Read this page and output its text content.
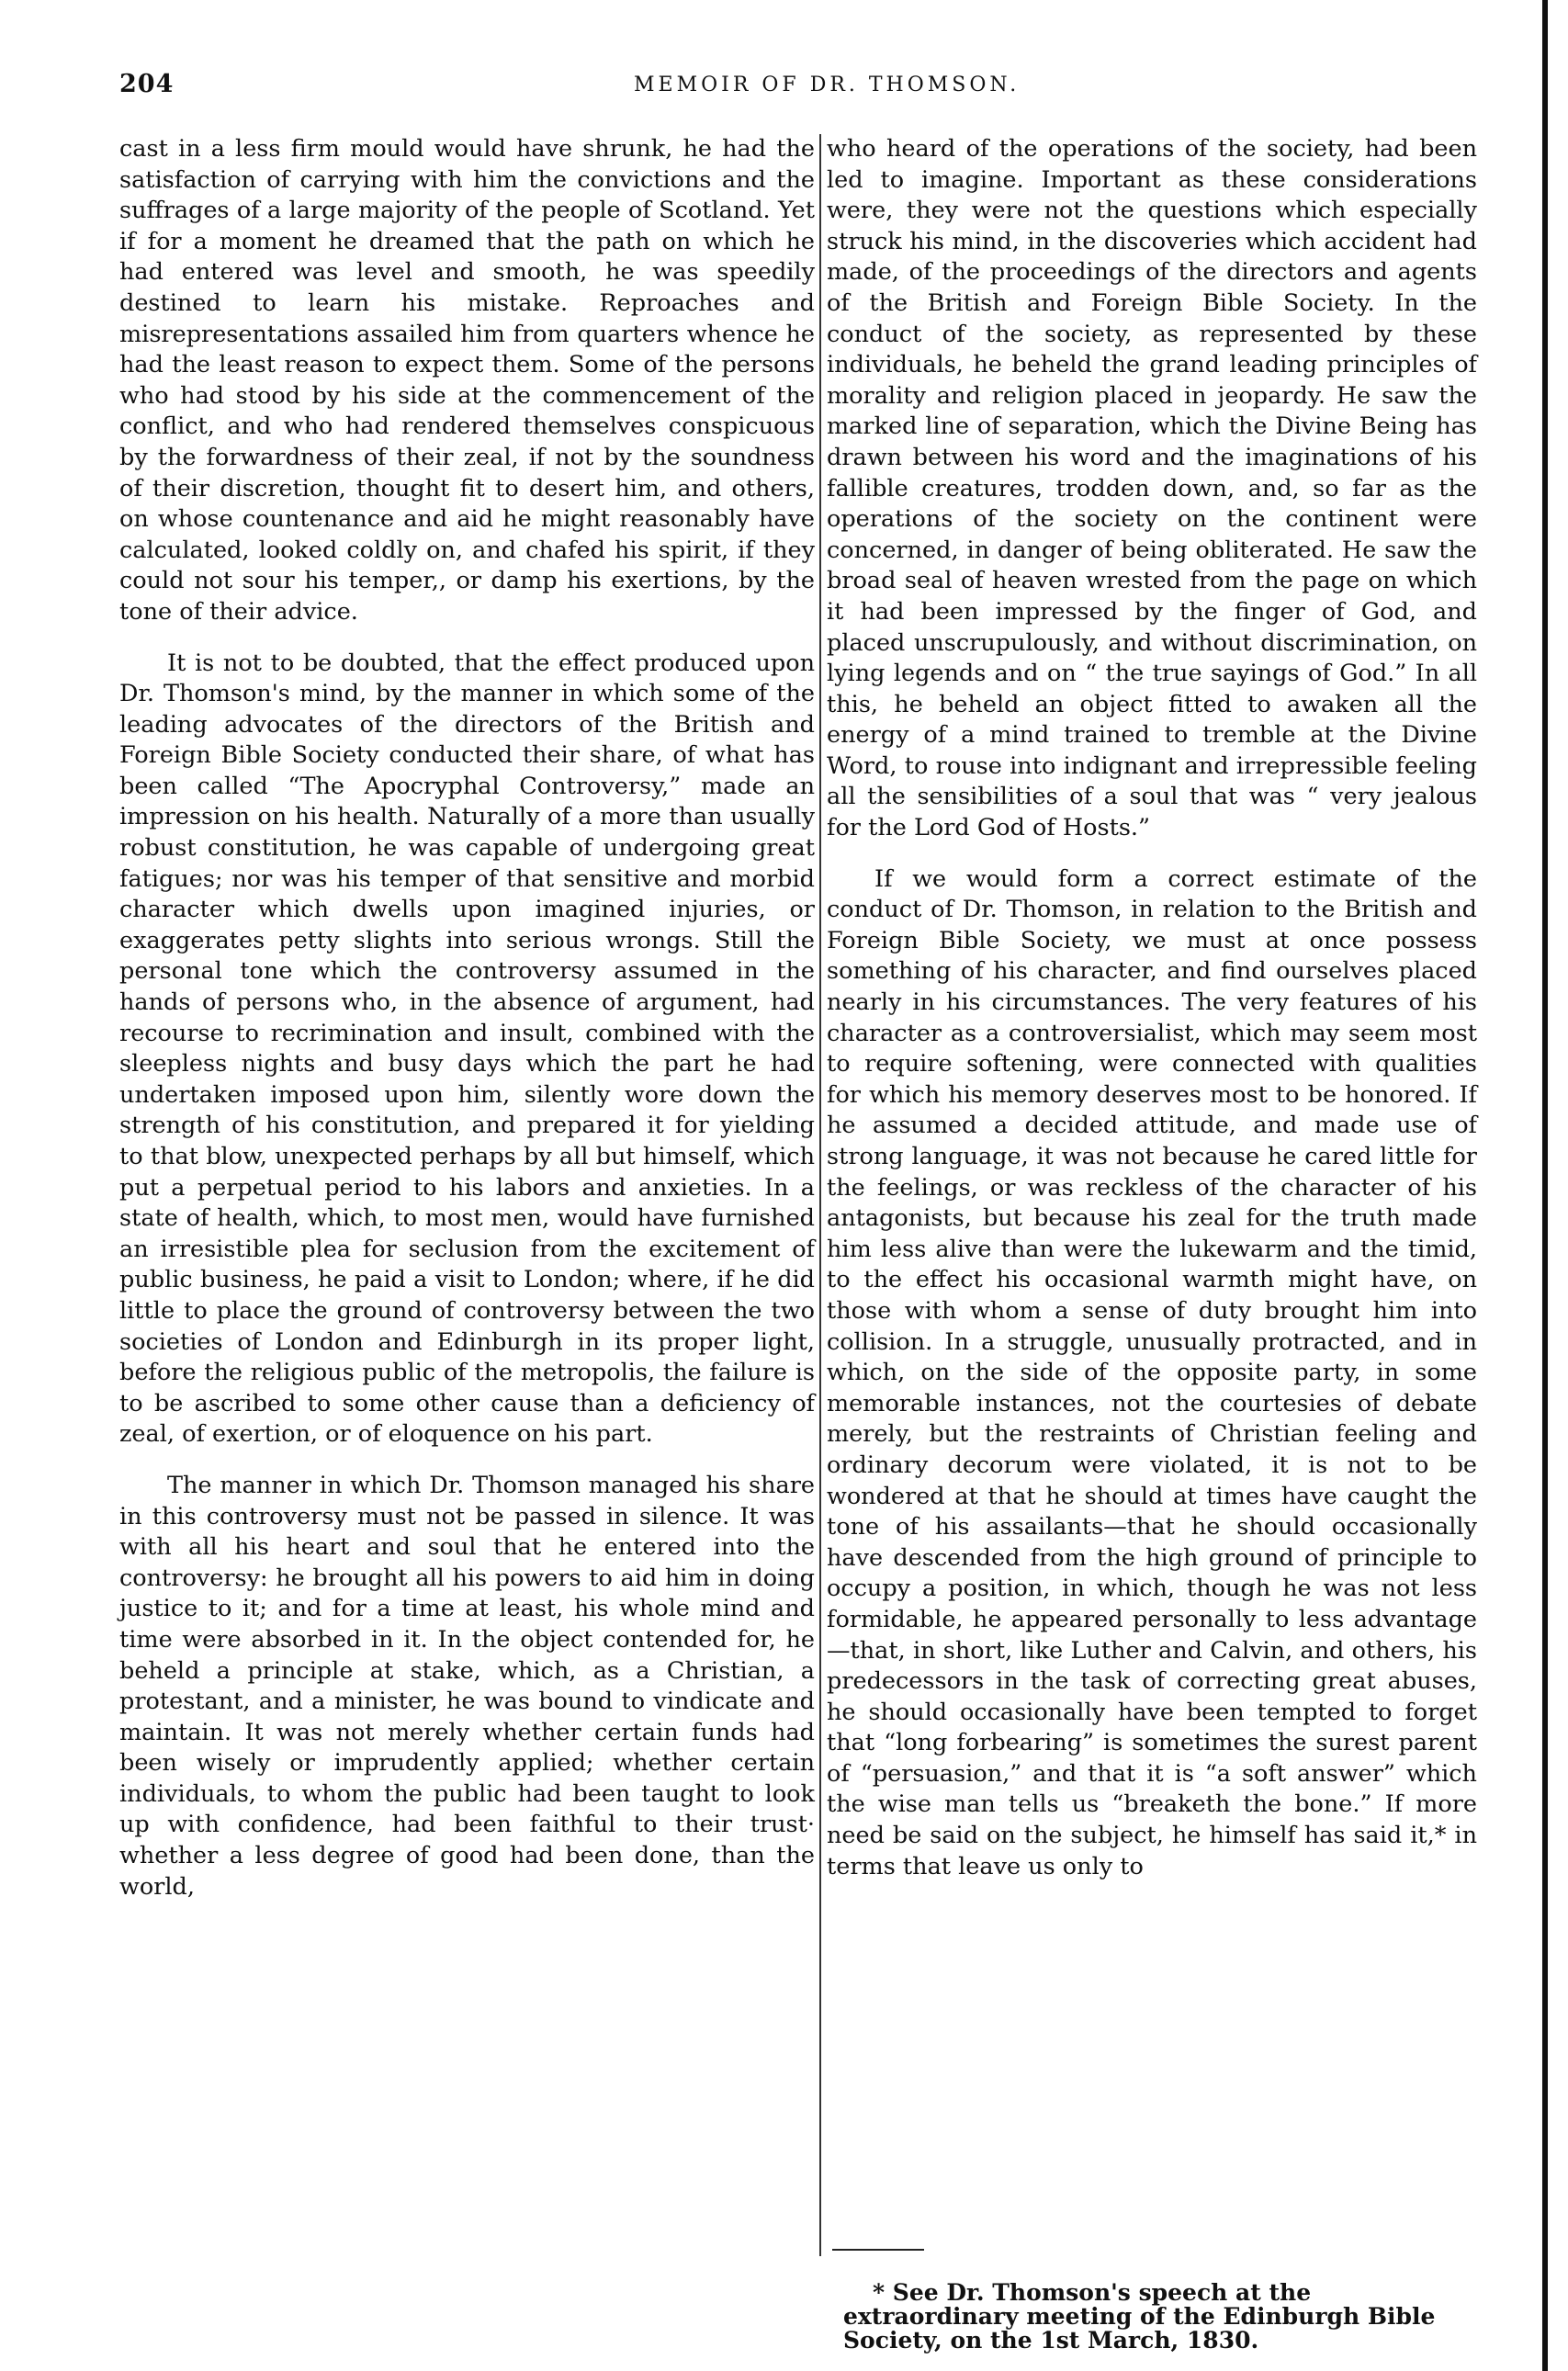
204	MEMOIR OF DR. THOMSON.

cast in a less firm mould would have shrunk, he had the satisfaction of carrying with him the convictions and the suffrages of a large majority of the people of Scotland. Yet if for a moment he dreamed that the path on which he had entered was level and smooth, he was speedily destined to learn his mistake. Reproaches and misrepresentations assailed him from quarters whence he had the least reason to expect them. Some of the persons who had stood by his side at the commencement of the conflict, and who had rendered themselves conspicuous by the forwardness of their zeal, if not by the soundness of their discretion, thought fit to desert him, and others, on whose countenance and aid he might reasonably have calculated, looked coldly on, and chafed his spirit, if they could not sour his temper,, or damp his exertions, by the tone of their advice.

It is not to be doubted, that the effect produced upon Dr. Thomson's mind, by the manner in which some of the leading advocates of the directors of the British and Foreign Bible Society conducted their share, of what has been called “The Apocryphal Controversy,” made an impression on his health. Naturally of a more than usually robust constitution, he was capable of undergoing great fatigues; nor was his temper of that sensitive and morbid character which dwells upon imagined injuries, or exaggerates petty slights into serious wrongs. Still the personal tone which the controversy assumed in the hands of persons who, in the absence of argument, had recourse to recrimination and insult, combined with the sleepless nights and busy days which the part he had undertaken imposed upon him, silently wore down the strength of his constitution, and prepared it for yielding to that blow, unexpected perhaps by all but himself, which put a perpetual period to his labors and anxieties. In a state of health, which, to most men, would have furnished an irresistible plea for seclusion from the excitement of public business, he paid a visit to London; where, if he did little to place the ground of controversy between the two societies of London and Edinburgh in its proper light, before the religious public of the metropolis, the failure is to be ascribed to some other cause than a deficiency of zeal, of exertion, or of eloquence on his part.

The manner in which Dr. Thomson managed his share in this controversy must not be passed in silence. It was with all his heart and soul that he entered into the controversy: he brought all his powers to aid him in doing justice to it; and for a time at least, his whole mind and time were absorbed in it. In the object contended for, he beheld a principle at stake, which, as a Christian, a protestant, and a minister, he was bound to vindicate and maintain. It was not merely whether certain funds had been wisely or imprudently applied; whether certain individuals, to whom the public had been taught to look up with confidence, had been faithful to their trust· whether a less degree of good had been done, than the world,

who heard of the operations of the society, had been led to imagine. Important as these considerations were, they were not the questions which especially struck his mind, in the discoveries which accident had made, of the proceedings of the directors and agents of the British and Foreign Bible Society. In the conduct of the society, as represented by these individuals, he beheld the grand leading principles of morality and religion placed in jeopardy. He saw the marked line of separation, which the Divine Being has drawn between his word and the imaginations of his fallible creatures, trodden down, and, so far as the operations of the society on the continent were concerned, in danger of being obliterated. He saw the broad seal of heaven wrested from the page on which it had been impressed by the finger of God, and placed unscrupulously, and without discrimination, on lying legends and on “ the true sayings of God.” In all this, he beheld an object fitted to awaken all the energy of a mind trained to tremble at the Divine Word, to rouse into indignant and irrepressible feeling all the sensibilities of a soul that was “ very jealous for the Lord God of Hosts.”

If we would form a correct estimate of the conduct of Dr. Thomson, in relation to the British and Foreign Bible Society, we must at once possess something of his character, and find ourselves placed nearly in his circumstances. The very features of his character as a controversialist, which may seem most to require softening, were connected with qualities for which his memory deserves most to be honored. If he assumed a decided attitude, and made use of strong language, it was not because he cared little for the feelings, or was reckless of the character of his antagonists, but because his zeal for the truth made him less alive than were the lukewarm and the timid, to the effect his occasional warmth might have, on those with whom a sense of duty brought him into collision. In a struggle, unusually protracted, and in which, on the side of the opposite party, in some memorable instances, not the courtesies of debate merely, but the restraints of Christian feeling and ordinary decorum were violated, it is not to be wondered at that he should at times have caught the tone of his assailants—that he should occasionally have descended from the high ground of principle to occupy a position, in which, though he was not less formidable, he appeared personally to less advantage—that, in short, like Luther and Calvin, and others, his predecessors in the task of correcting great abuses, he should occasionally have been tempted to forget that “long forbearing” is sometimes the surest parent of “persuasion,” and that it is “a soft answer” which the wise man tells us “breaketh the bone.” If more need be said on the subject, he himself has said it,* in terms that leave us only to

* See Dr. Thomson's speech at the extraordinary meeting of the Edinburgh Bible Society, on the 1st March, 1830.
